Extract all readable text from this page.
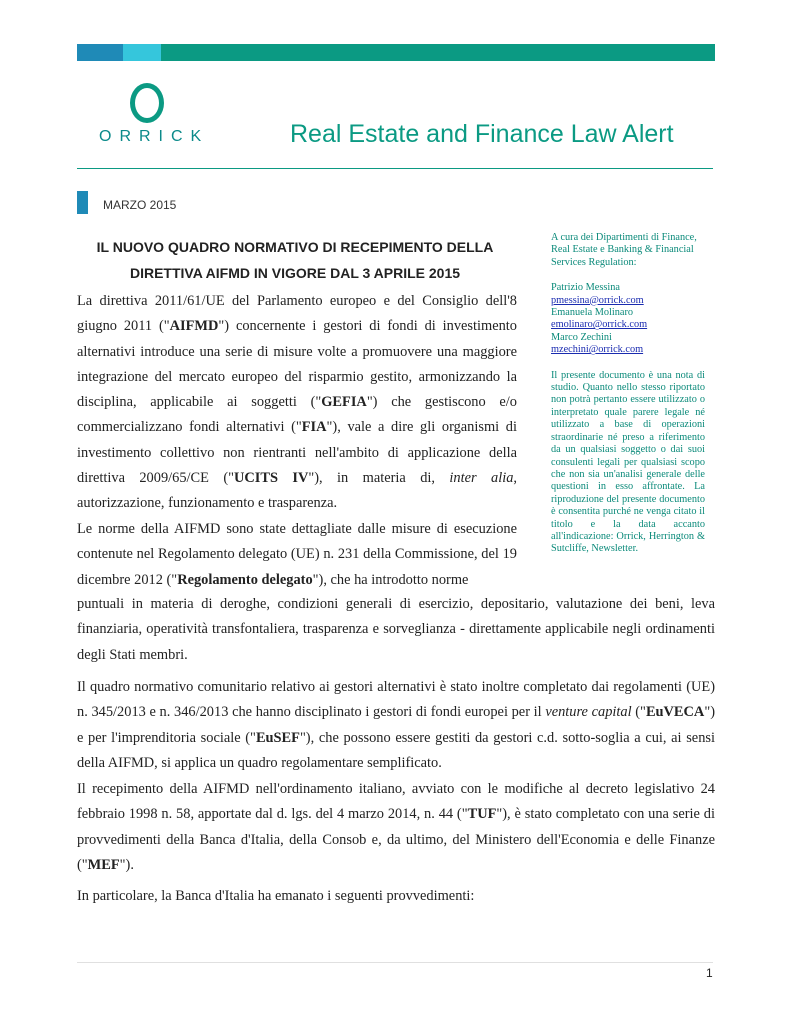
ORRICK	Real Estate and Finance Law Alert
MARZO 2015
IL NUOVO QUADRO NORMATIVO DI RECEPIMENTO DELLA
DIRETTIVA AIFMD IN VIGORE DAL 3 APRILE 2015

La direttiva 2011/61/UE del Parlamento europeo e del Consiglio dell'8 giugno 2011 ("AIFMD") concernente i gestori di fondi di investimento alternativi introduce una serie di misure volte a promuovere una maggiore integrazione del mercato europeo del risparmio gestito, armonizzando la disciplina, applicabile ai soggetti ("GEFIA") che gestiscono e/o commercializzano fondi alternativi ("FIA"), vale a dire gli organismi di investimento collettivo non rientranti nell'ambito di applicazione della direttiva 2009/65/CE ("UCITS IV"), in materia di, inter alia, autorizzazione, funzionamento e trasparenza.

Le norme della AIFMD sono state dettagliate dalle misure di esecuzione contenute nel Regolamento delegato (UE) n. 231 della Commissione, del 19 dicembre 2012 ("Regolamento delegato"), che ha introdotto norme

puntuali in materia di deroghe, condizioni generali di esercizio, depositario, valutazione dei beni, leva finanziaria, operatività transfontaliera, trasparenza e sorveglianza - direttamente applicabile negli ordinamenti degli Stati membri.

Il quadro normativo comunitario relativo ai gestori alternativi è stato inoltre completato dai regolamenti (UE) n. 345/2013 e n. 346/2013 che hanno disciplinato i gestori di fondi europei per il venture capital ("EuVECA") e per l'imprenditoria sociale ("EuSEF"), che possono essere gestiti da gestori c.d. sotto-soglia a cui, ai sensi della AIFMD, si applica un quadro regolamentare semplificato.

Il recepimento della AIFMD nell'ordinamento italiano, avviato con le modifiche al decreto legislativo 24 febbraio 1998 n. 58, apportate dal d. lgs. del 4 marzo 2014, n. 44 ("TUF"), è stato completato con una serie di provvedimenti della Banca d'Italia, della Consob e, da ultimo, del Ministero dell'Economia e delle Finanze ("MEF").

In particolare, la Banca d'Italia ha emanato i seguenti provvedimenti:

A cura dei Dipartimenti di Finance, Real Estate e Banking & Financial Services Regulation:

Patrizio Messina

pmessina@orrick.com

Emanuela Molinaro

emolinaro@orrick.com

Marco Zechini

mzechini@orrick.com

Il presente documento è una nota di studio. Quanto nello stesso riportato non potrà pertanto essere utilizzato o interpretato quale parere legale né utilizzato a base di operazioni straordinarie né preso a riferimento da un qualsiasi soggetto o dai suoi consulenti legali per qualsiasi scopo che non sia un'analisi generale delle questioni in esso affrontate. La riproduzione del presente documento è consentita purché ne venga citato il titolo e la data accanto all'indicazione: Orrick, Herrington & Sutcliffe, Newsletter.

1
